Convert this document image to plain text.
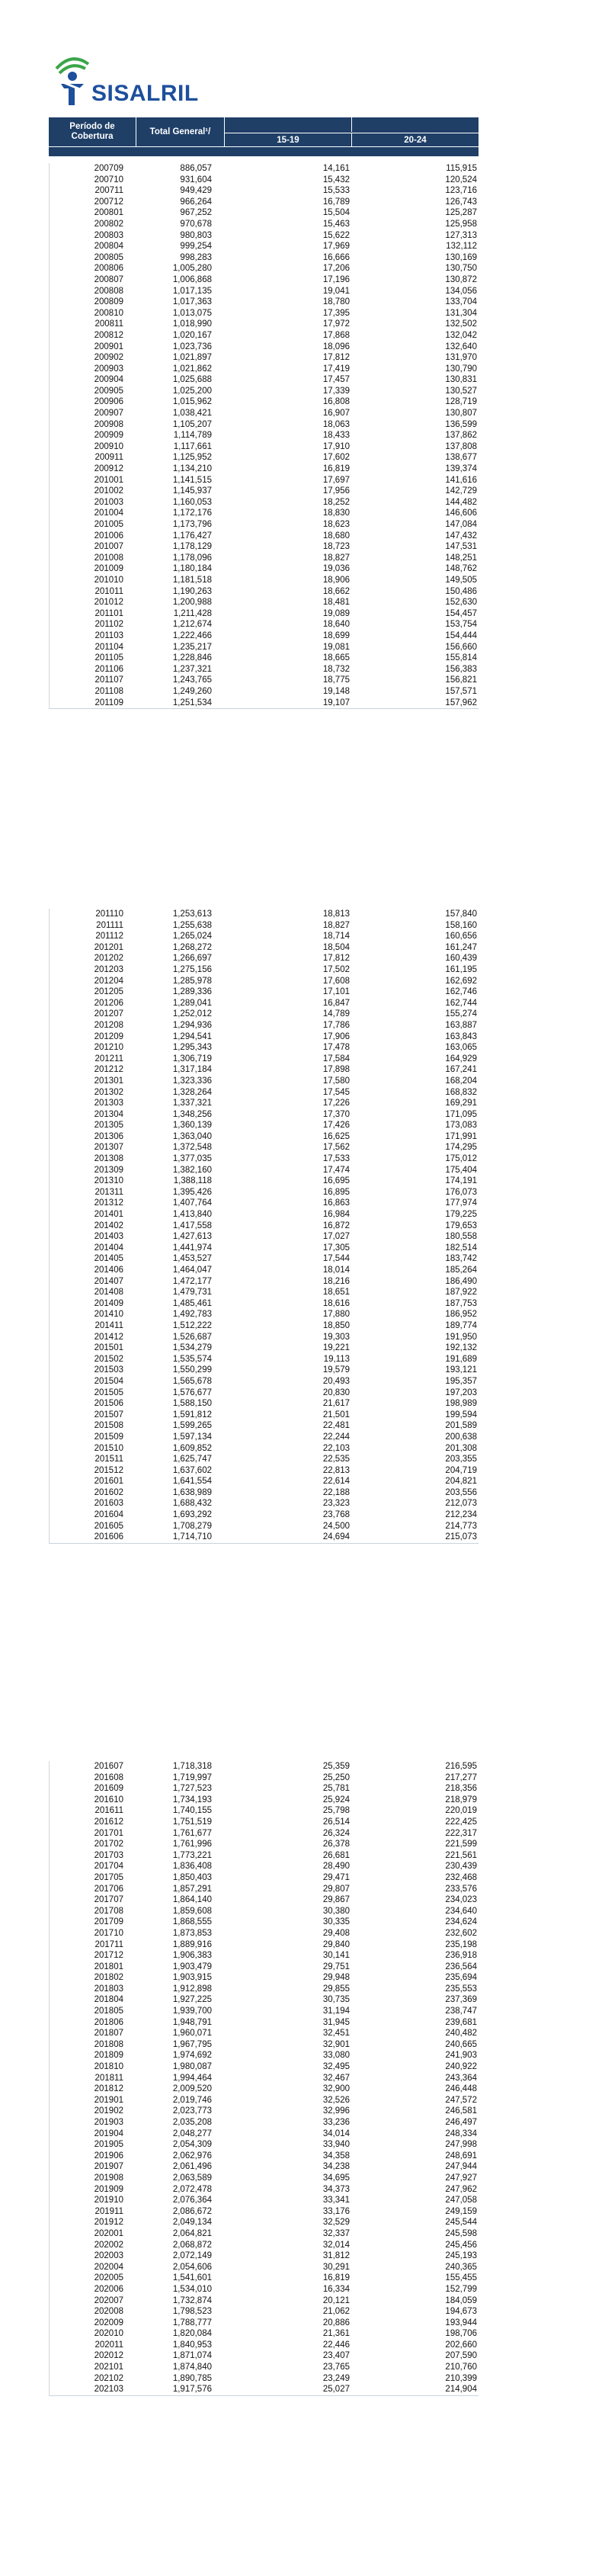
SISALRIL
Período de Cobertura	Total General¹/
15-19	20-24
200709	886,057	14,161	115,915
200710	931,604	15,432	120,524
200711	949,429	15,533	123,716
200712	966,264	16,789	126,743
200801	967,252	15,504	125,287
200802	970,678	15,463	125,958
200803	980,803	15,622	127,313
200804	999,254	17,969	132,112
200805	998,283	16,666	130,169
200806	1,005,280	17,206	130,750
200807	1,006,868	17,196	130,872
200808	1,017,135	19,041	134,056
200809	1,017,363	18,780	133,704
200810	1,013,075	17,395	131,304
200811	1,018,990	17,972	132,502
200812	1,020,167	17,868	132,042
200901	1,023,736	18,096	132,640
200902	1,021,897	17,812	131,970
200903	1,021,862	17,419	130,790
200904	1,025,688	17,457	130,831
200905	1,025,200	17,339	130,527
200906	1,015,962	16,808	128,719
200907	1,038,421	16,907	130,807
200908	1,105,207	18,063	136,599
200909	1,114,789	18,433	137,862
200910	1,117,661	17,910	137,808
200911	1,125,952	17,602	138,677
200912	1,134,210	16,819	139,374
201001	1,141,515	17,697	141,616
201002	1,145,937	17,956	142,729
201003	1,160,053	18,252	144,482
201004	1,172,176	18,830	146,606
201005	1,173,796	18,623	147,084
201006	1,176,427	18,680	147,432
201007	1,178,129	18,723	147,531
201008	1,178,096	18,827	148,251
201009	1,180,184	19,036	148,762
201010	1,181,518	18,906	149,505
201011	1,190,263	18,662	150,486
201012	1,200,988	18,481	152,630
201101	1,211,428	19,089	154,457
201102	1,212,674	18,640	153,754
201103	1,222,466	18,699	154,444
201104	1,235,217	19,081	156,660
201105	1,228,846	18,665	155,814
201106	1,237,321	18,732	156,383
201107	1,243,765	18,775	156,821
201108	1,249,260	19,148	157,571
201109	1,251,534	19,107	157,962
201110	1,253,613	18,813	157,840
201111	1,255,638	18,827	158,160
201112	1,265,024	18,714	160,656
201201	1,268,272	18,504	161,247
201202	1,266,697	17,812	160,439
201203	1,275,156	17,502	161,195
201204	1,285,978	17,608	162,692
201205	1,289,336	17,101	162,746
201206	1,289,041	16,847	162,744
201207	1,252,012	14,789	155,274
201208	1,294,936	17,786	163,887
201209	1,294,541	17,906	163,843
201210	1,295,343	17,478	163,065
201211	1,306,719	17,584	164,929
201212	1,317,184	17,898	167,241
201301	1,323,336	17,580	168,204
201302	1,328,264	17,545	168,832
201303	1,337,321	17,226	169,291
201304	1,348,256	17,370	171,095
201305	1,360,139	17,426	173,083
201306	1,363,040	16,625	171,991
201307	1,372,548	17,562	174,295
201308	1,377,035	17,533	175,012
201309	1,382,160	17,474	175,404
201310	1,388,118	16,695	174,191
201311	1,395,426	16,895	176,073
201312	1,407,764	16,863	177,974
201401	1,413,840	16,984	179,225
201402	1,417,558	16,872	179,653
201403	1,427,613	17,027	180,558
201404	1,441,974	17,305	182,514
201405	1,453,527	17,544	183,742
201406	1,464,047	18,014	185,264
201407	1,472,177	18,216	186,490
201408	1,479,731	18,651	187,922
201409	1,485,461	18,616	187,753
201410	1,492,783	17,880	186,952
201411	1,512,222	18,850	189,774
201412	1,526,687	19,303	191,950
201501	1,534,279	19,221	192,132
201502	1,535,574	19,113	191,689
201503	1,550,299	19,579	193,121
201504	1,565,678	20,493	195,357
201505	1,576,677	20,830	197,203
201506	1,588,150	21,617	198,989
201507	1,591,812	21,501	199,594
201508	1,599,265	22,481	201,589
201509	1,597,134	22,244	200,638
201510	1,609,852	22,103	201,308
201511	1,625,747	22,535	203,355
201512	1,637,602	22,813	204,719
201601	1,641,554	22,614	204,821
201602	1,638,989	22,188	203,556
201603	1,688,432	23,323	212,073
201604	1,693,292	23,768	212,234
201605	1,708,279	24,500	214,773
201606	1,714,710	24,694	215,073
201607	1,718,318	25,359	216,595
201608	1,719,997	25,250	217,277
201609	1,727,523	25,781	218,356
201610	1,734,193	25,924	218,979
201611	1,740,155	25,798	220,019
201612	1,751,519	26,514	222,425
201701	1,761,677	26,324	222,317
201702	1,761,996	26,378	221,599
201703	1,773,221	26,681	221,561
201704	1,836,408	28,490	230,439
201705	1,850,403	29,471	232,468
201706	1,857,291	29,807	233,576
201707	1,864,140	29,867	234,023
201708	1,859,608	30,380	234,640
201709	1,868,555	30,335	234,624
201710	1,873,853	29,408	232,602
201711	1,889,916	29,840	235,198
201712	1,906,383	30,141	236,918
201801	1,903,479	29,751	236,564
201802	1,903,915	29,948	235,694
201803	1,912,898	29,855	235,553
201804	1,927,225	30,735	237,369
201805	1,939,700	31,194	238,747
201806	1,948,791	31,945	239,681
201807	1,960,071	32,451	240,482
201808	1,967,795	32,901	240,665
201809	1,974,692	33,080	241,903
201810	1,980,087	32,495	240,922
201811	1,994,464	32,467	243,364
201812	2,009,520	32,900	246,448
201901	2,019,746	32,526	247,572
201902	2,023,773	32,996	246,581
201903	2,035,208	33,236	246,497
201904	2,048,277	34,014	248,334
201905	2,054,309	33,940	247,998
201906	2,062,976	34,358	248,691
201907	2,061,496	34,238	247,944
201908	2,063,589	34,695	247,927
201909	2,072,478	34,373	247,962
201910	2,076,364	33,341	247,058
201911	2,086,672	33,176	249,159
201912	2,049,134	32,529	245,544
202001	2,064,821	32,337	245,598
202002	2,068,872	32,014	245,456
202003	2,072,149	31,812	245,193
202004	2,054,606	30,291	240,365
202005	1,541,601	16,819	155,455
202006	1,534,010	16,334	152,799
202007	1,732,874	20,121	184,059
202008	1,798,523	21,062	194,673
202009	1,788,777	20,886	193,944
202010	1,820,084	21,361	198,706
202011	1,840,953	22,446	202,660
202012	1,871,074	23,407	207,590
202101	1,874,840	23,765	210,760
202102	1,890,785	23,249	210,399
202103	1,917,576	25,027	214,904
